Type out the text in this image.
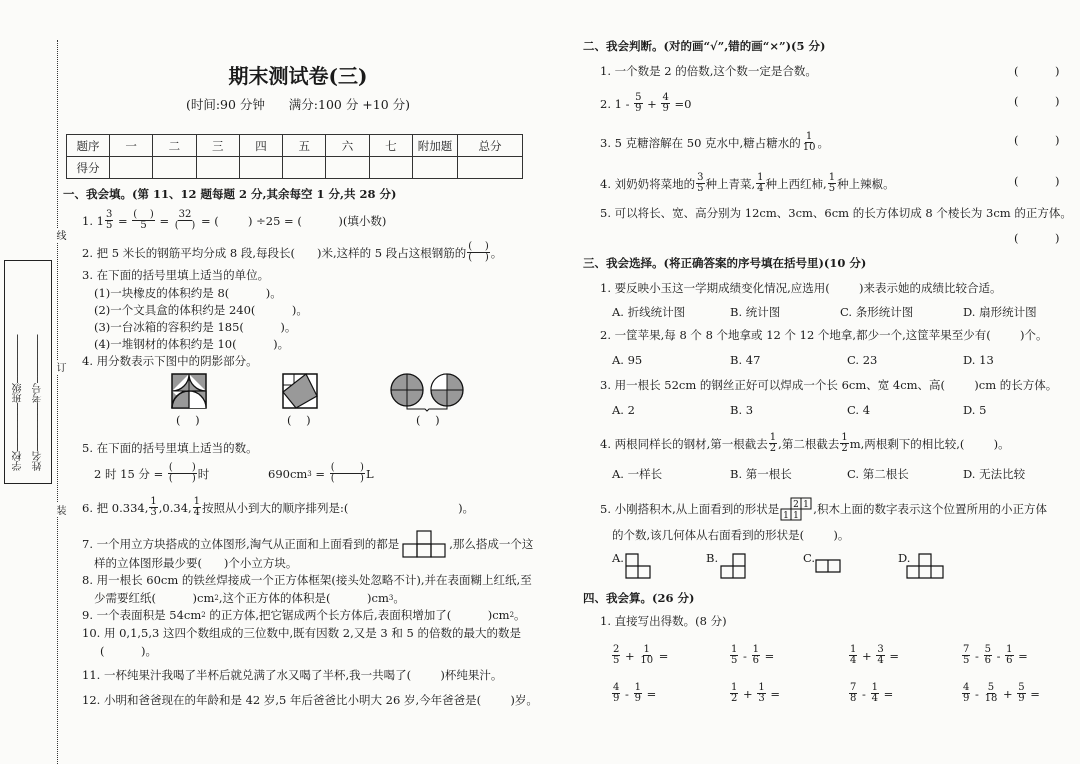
线
订
装
学校────────班级────────
姓名────────考号────────
期末测试卷(三)
(时间:90 分钟      满分:100 分 +10 分)
题序	一	二	三	四	五	六	七	附加题	总分
得分									
一、我会填。(第 11、12 题每题 2 分,其余每空 1 分,共 28 分)
1. $1 \frac{3}{5}$ = (    )
5 = 32
(    ) = (        ) ÷25 = (          )(填小数)
2. 把 5 米长的钢筋平均分成 8 段,每段长(      )米,这样的 5 段占这根钢筋的 (    )
(    ) 。
3. 在下面的括号里填上适当的单位。
(1)一块橡皮的体积约是 8(          )。
(2)一个文具盒的体积约是 240(          )。
(3)一台冰箱的容积约是 185(          )。
(4)一堆钢材的体积约是 10(          )。
4. 用分数表示下图中的阴影部分。
(    )	(    )	(    )
5. 在下面的括号里填上适当的数。
2 时 15 分 = (      )
(      ) 时	690cm 3 = (        )
(        ) L
6. 把 0.334, $\frac{1}{3} ,0.34$, $\frac{1}{4}$ 按照从小到大的顺序排列是:(                              )。
7. 一个用立方块搭成的立体图形,淘气从正面和上面看到的都是	,那么搭成一个这
样的立体图形最少要(      )个小立方块。
8. 用一根长 60cm 的铁丝焊接成一个正方体框架(接头处忽略不计),并在表面糊上红纸,至
少需要红纸(          )cm 2 ,这个正方体的体积是(          )cm 3 。
9. 一个表面积是 54cm 2 的正方体,把它锯成两个长方体后,表面积增加了(          )cm 2 。
10. 用 0,1,5,3 这四个数组成的三位数中,既有因数 2,又是 3 和 5 的倍数的最大的数是
(          )。
11. 一杯纯果汁我喝了半杯后就兑满了水又喝了半杯,我一共喝了(        )杯纯果汁。
12. 小明和爸爸现在的年龄和是 42 岁,5 年后爸爸比小明大 26 岁,今年爸爸是(        )岁。
二、我会判断。(对的画“√”,错的画“×”)(5 分)
1. 一个数是 2 的倍数,这个数一定是合数。
2. $1 - \frac{5}{9} + \frac{4}{9} =0$
3. 5 克糖溶解在 50 克水中,糖占糖水的 $\frac{1}{10}$ 。
4. 刘奶奶将菜地的 $\frac{3}{5}$ 种上青菜, $\frac{1}{4}$ 种上西红柿, $\frac{1}{5}$ 种上辣椒。
5. 可以将长、宽、高分别为 12cm、3cm、6cm 的长方体切成 8 个棱长为 3cm 的正方体。
(          )
(          )
(          )
(          )
(          )
三、我会选择。(将正确答案的序号填在括号里)(10 分)
1. 要反映小玉这一学期成绩变化情况,应选用(        )来表示她的成绩比较合适。
A. 折线统计图	B. 统计图	C. 条形统计图	D. 扇形统计图
2. 一筐苹果,每 8 个 8 个地拿或 12 个 12 个地拿,都少一个,这筐苹果至少有(        )个。
A. 95	B. 47	C. 23	D. 13
3. 用一根长 52cm 的钢丝正好可以焊成一个长 6cm、宽 4cm、高(        )cm 的长方体。
A. 2	B. 3	C. 4	D. 5
4. 两根同样长的钢材,第一根截去 $\frac{1}{2}$ ,第二根截去 $\frac{1}{2} m$,两根剩下的相比较,(        )。
A. 一样长	B. 第一根长	C. 第二根长	D. 无法比较
5. 小刚搭积木,从上面看到的形状是 2 1
1 1 ,积木上面的数字表示这个位置所用的小正方体
的个数,该几何体从右面看到的形状是(        )。
A.	B.	C.	D.
四、我会算。(26 分)
1. 直接写出得数。(8 分)
$\frac{2}{5} + \frac{1}{10}$ =	$\frac{1}{5} - \frac{1}{6}$ =	$\frac{1}{4} + \frac{3}{4}$ =	$\frac{7}{5} - \frac{5}{6} - \frac{1}{6}$ =
$\frac{4}{9} - \frac{1}{9}$ =	$\frac{1}{2} + \frac{1}{3}$ =	$\frac{7}{8} - \frac{1}{4}$ =	$\frac{4}{9} - \frac{5}{18} + \frac{5}{9}$ =
